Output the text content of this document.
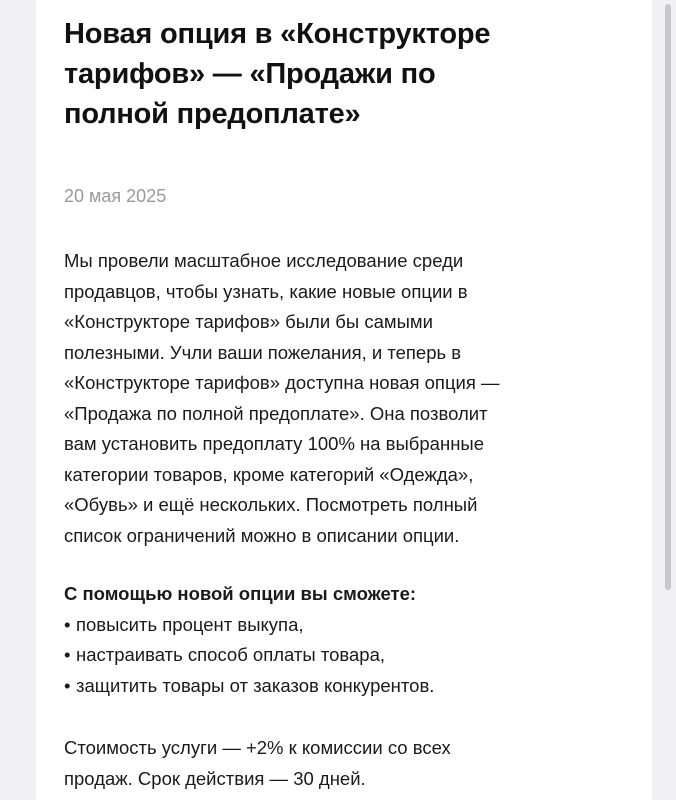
Новая опция в «Конструкторе
тарифов» — «Продажи по
полной предоплате»
20 мая 2025

Мы провели масштабное исследование среди

продавцов, чтобы узнать, какие новые опции в

«Конструкторе тарифов» были бы самыми

полезными. Учли ваши пожелания, и теперь в

«Конструкторе тарифов» доступна новая опция —

«Продажа по полной предоплате». Она позволит

вам установить предоплату 100% на выбранные

категории товаров, кроме категорий «Одежда»,

«Обувь» и ещё нескольких. Посмотреть полный

список ограничений можно в описании опции.

С помощью новой опции вы сможете:
• повысить процент выкупа,
• настраивать способ оплаты товара,
• защитить товары от заказов конкурентов.
Стоимость услуги — +2% к комиссии со всех
продаж. Срок действия — 30 дней.
